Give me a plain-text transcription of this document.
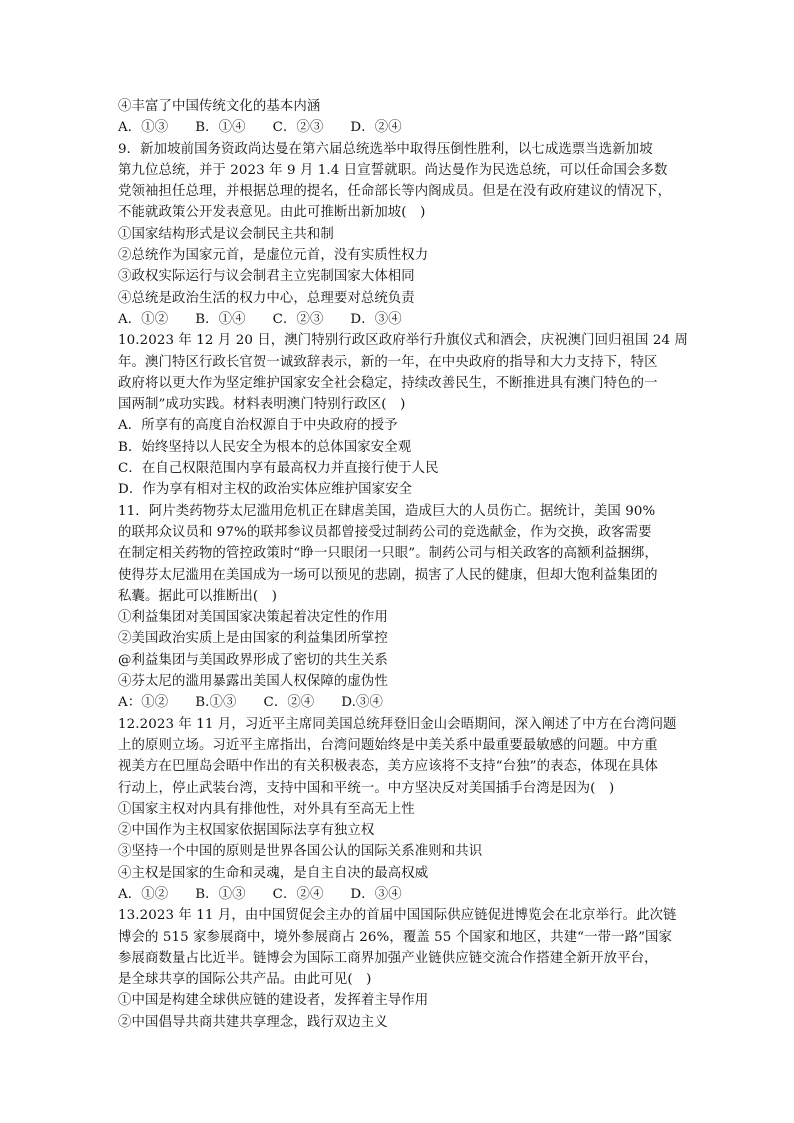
④丰富了中国传统文化的基本内涵
A．①③　　B．①④　　C．②③　　D．②④
9．新加坡前国务资政尚达曼在第六届总统选举中取得压倒性胜利，以七成选票当选新加坡
第九位总统，并于 2023 年 9 月 1.4 日宣誓就职。尚达曼作为民选总统，可以任命国会多数
党领袖担任总理，并根据总理的提名，任命部长等内阁成员。但是在没有政府建议的情况下，
不能就政策公开发表意见。由此可推断出新加坡(　)
①国家结构形式是议会制民主共和制
②总统作为国家元首，是虚位元首，没有实质性权力
③政权实际运行与议会制君主立宪制国家大体相同
④总统是政治生活的权力中心，总理要对总统负责
A．①②　　B．①④　　C．②③　　D．③④
10.2023 年 12 月 20 日，澳门特别行政区政府举行升旗仪式和酒会，庆祝澳门回归祖国 24 周
年。澳门特区行政长官贺一诚致辞表示，新的一年，在中央政府的指导和大力支持下，特区
政府将以更大作为坚定维护国家安全社会稳定，持续改善民生，不断推进具有澳门特色的一
国两制”成功实践。材料表明澳门特别行政区(　)
A．所享有的高度自治权源自于中央政府的授予
B．始终坚持以人民安全为根本的总体国家安全观
C．在自己权限范围内享有最高权力并直接行使于人民
D．作为享有相对主权的政治实体应维护国家安全
11．阿片类药物芬太尼滥用危机正在肆虐美国，造成巨大的人员伤亡。据统计，美国 90%
的联邦众议员和 97%的联邦参议员都曾接受过制药公司的竞选献金，作为交换，政客需要
在制定相关药物的管控政策时“睁一只眼闭一只眼”。制药公司与相关政客的高额利益捆绑，
使得芬太尼滥用在美国成为一场可以预见的悲剧，损害了人民的健康，但却大饱利益集团的
私囊。据此可以推断出(　)
①利益集团对美国国家决策起着决定性的作用
②美国政治实质上是由国家的利益集团所掌控
@利益集团与美国政界形成了密切的共生关系
④芬太尼的滥用暴露出美国人权保障的虚伪性
A：①②　　B.①③　　C．②④　　D.③④
12.2023 年 11 月，习近平主席同美国总统拜登旧金山会晤期间，深入阐述了中方在台湾问题
上的原则立场。习近平主席指出，台湾问题始终是中美关系中最重要最敏感的问题。中方重
视美方在巴厘岛会晤中作出的有关积极表态，美方应该将不支持“台独”的表态，体现在具体
行动上，停止武装台湾，支持中国和平统一。中方坚决反对美国插手台湾是因为(　)
①国家主权对内具有排他性，对外具有至高无上性
②中国作为主权国家依据国际法享有独立权
③坚持一个中国的原则是世界各国公认的国际关系准则和共识
④主权是国家的生命和灵魂，是自主自决的最高权威
A．①②　　B．①③　　C．②④　　D．③④
13.2023 年 11 月，由中国贸促会主办的首届中国国际供应链促进博览会在北京举行。此次链
博会的 515 家参展商中，境外参展商占 26%，覆盖 55 个国家和地区，共建“一带一路”国家
参展商数量占比近半。链博会为国际工商界加强产业链供应链交流合作搭建全新开放平台，
是全球共享的国际公共产品。由此可见(　)
①中国是构建全球供应链的建设者，发挥着主导作用
②中国倡导共商共建共享理念，践行双边主义
